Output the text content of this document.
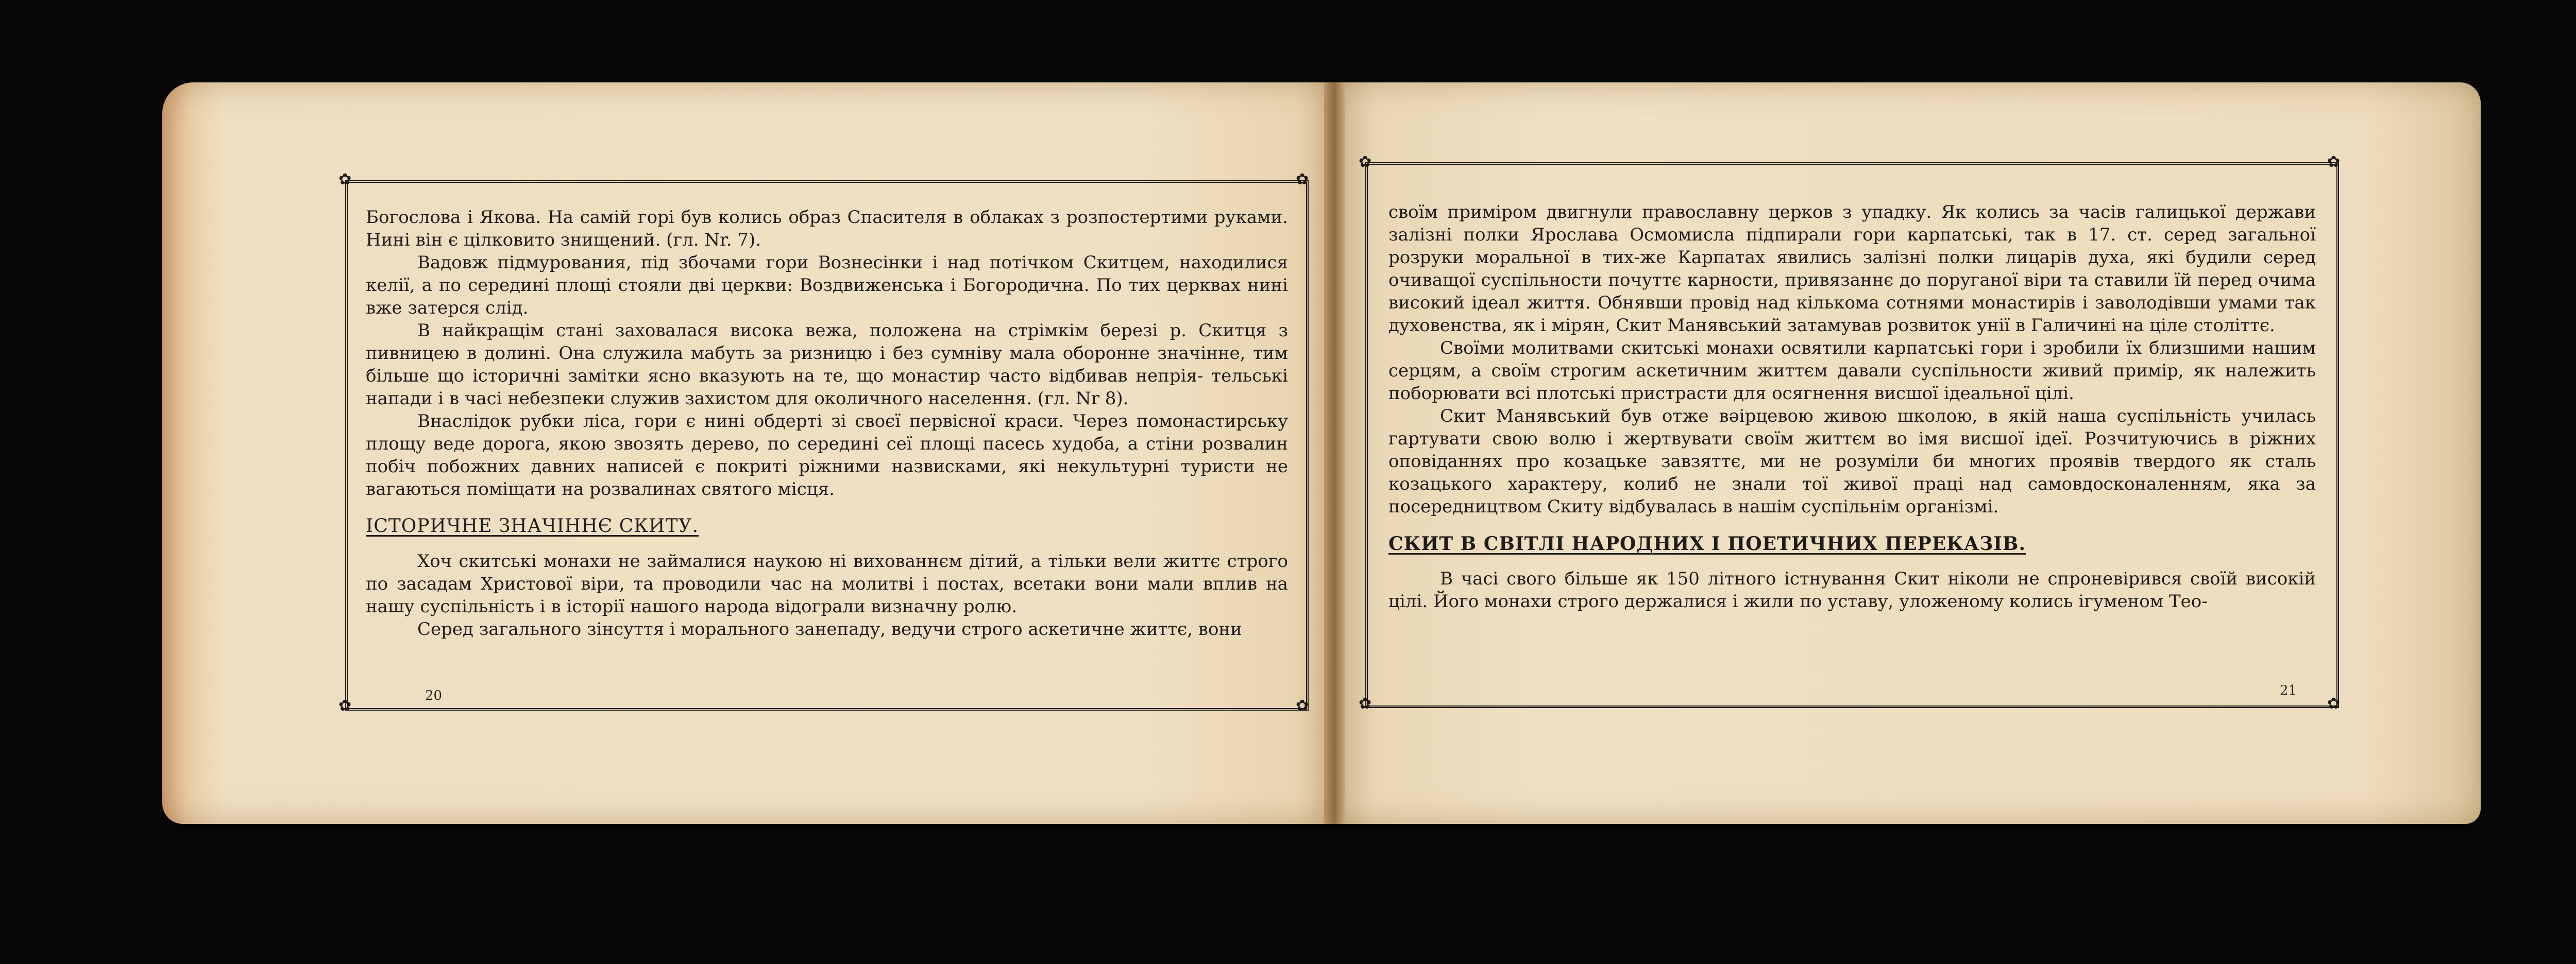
✿	✿
✿	✿
20

Богослова і Якова. На самій горі був колись образ Спасителя в облаках з розпостертими руками. Нині він є цілковито знищений. (гл. Nr. 7).

Вадовж підмурования, під збочами гори Вознесінки і над потічком Скитцем, находилися келії, а по середині площі стояли дві церкви: Воздвиженська і Богородична. По тих церквах нині вже затерся слід.

В найкращім стані заховалася висока вежа, положена на стрімкім березі р. Скитця з пивницею в долині. Она служила мабуть за ризницю і без сумніву мала оборонне значінне, тим більше що історичні замітки ясно вказують на те, що монастир часто відбивав непрія- тельські напади і в часі небезпеки служив захистом для околичного населення. (гл. Nr 8).

Внаслідок рубки ліса, гори є нині обдерті зі своєї первісної краси. Через помонастирську площу веде дорога, якою звозять дерево, по середині сеї площі пасесь худоба, а стіни розвалин побіч побожних давних написей є покриті ріжними назвисками, які некультурні туристи не вагаються поміщати на розвалинах святого місця.

ІСТОРИЧНЕ ЗНАЧІННЄ СКИТУ.

Хоч скитські монахи не займалися наукою ні вихованнєм дітий, а тільки вели життє строго по засадам Христової віри, та проводили час на молитві і постах, всетаки вони мали вплив на нашу суспільність і в історії нашого народа відограли визначну ролю.

Серед загального зінсуття і морального занепаду, ведучи строго аскетичне життє, вони

✿	✿
✿	✿
21

своїм приміром двигнули православну церков з упадку. Як колись за часів галицької держави залізні полки Ярослава Осмомисла підпирали гори карпатські, так в 17. ст. серед загальної розруки моральної в тих-же Карпатах явились залізні полки лицарів духа, які будили серед очиващої суспільности почуттє карности, привязаннє до поруганої віри та ставили їй перед очима високий ідеал життя. Обнявши провід над кількома сотнями монастирів і заволодівши умами так духовенства, як і мірян, Скит Манявський затамував розвиток унії в Галичині на ціле століттє.

Своїми молитвами скитські монахи освятили карпатські гори і зробили їх близшими нашим серцям, а своїм строгим аскетичним життєм давали суспільности живий примір, як належить поборювати всі плотські пристрасти для осягнення висшої ідеальної цілі.

Скит Манявський був отже вəірцевою живою школою, в якій наша суспільність училась гартувати свою волю і жертвувати своїм життєм во імя висшої ідеї. Розчитуючись в ріжних оповіданнях про козацьке завзяттє, ми не розуміли би многих проявів твердого як сталь козацького характеру, колиб не знали тої живої праці над самовдосконаленням, яка за посередництвом Скиту відбувалась в нашім суспільнім організмі.

СКИТ В СВІТЛІ НАРОДНИХ І ПОЕТИЧНИХ ПЕРЕКАЗІВ.

В часі свого більше як 150 літного істнування Скит ніколи не спроневірився своїй високій цілі. Його монахи строго держалися і жили по уставу, уложеному колись ігуменом Тео-
